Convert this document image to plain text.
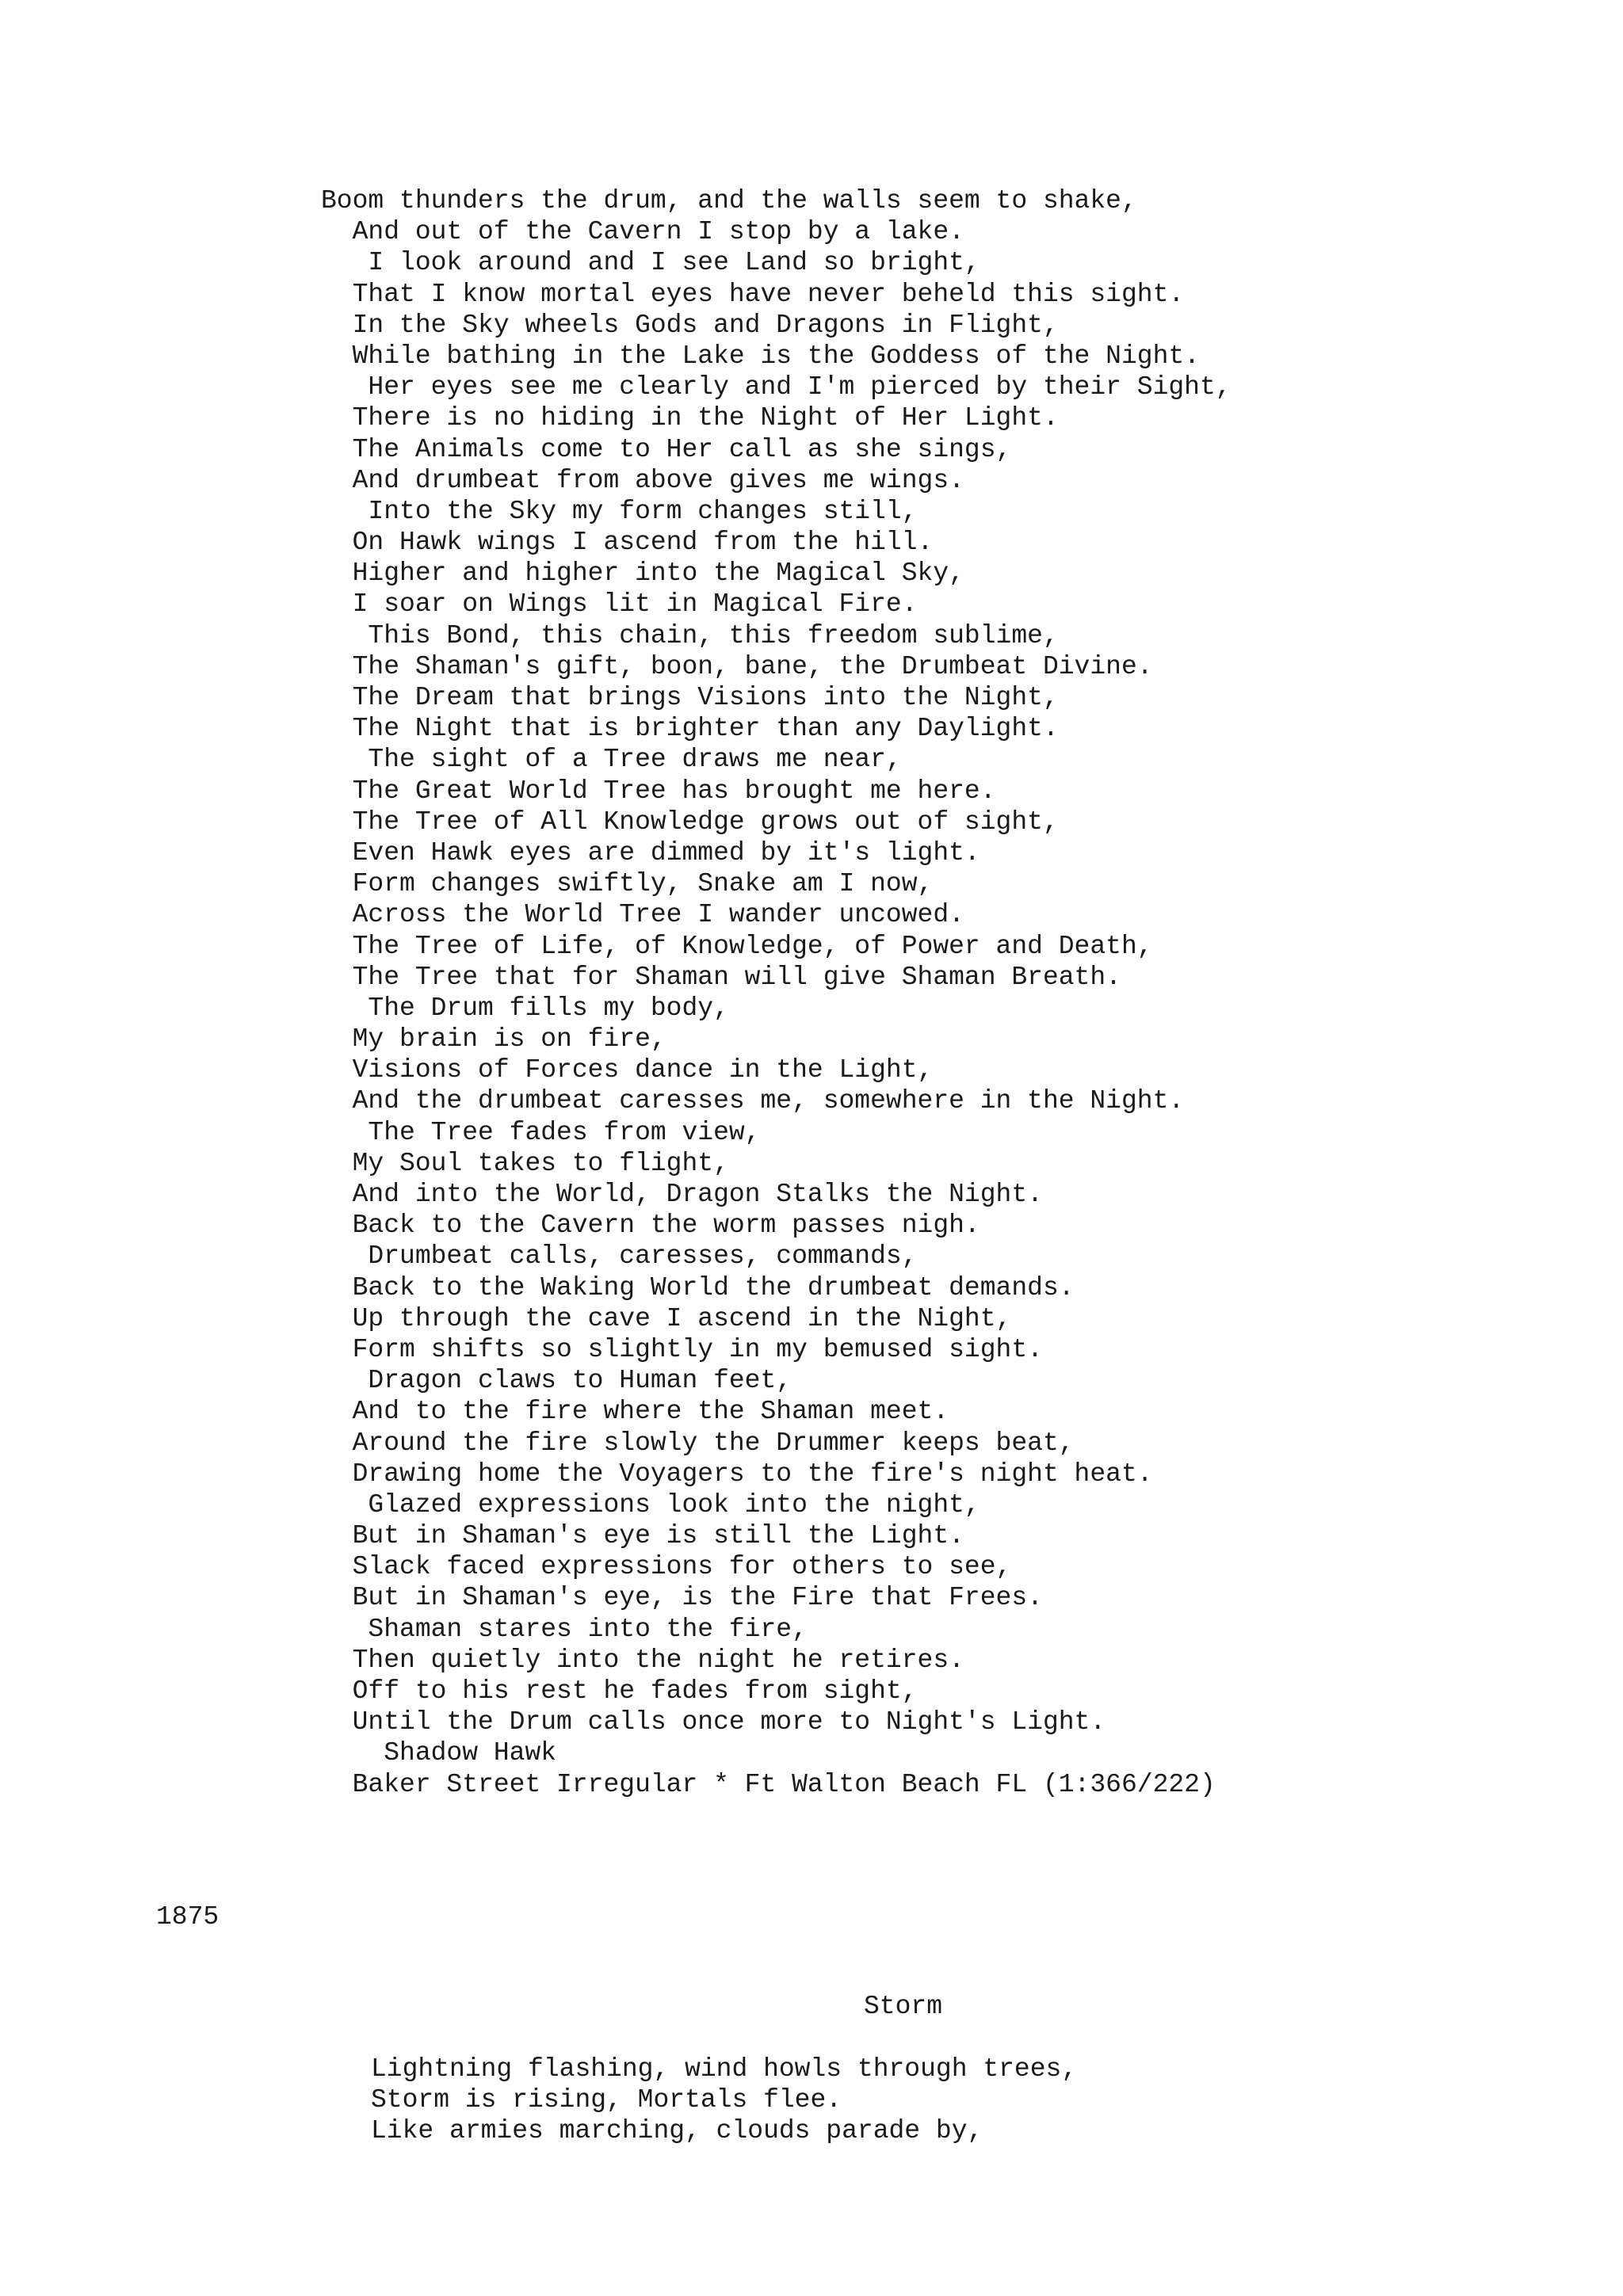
Boom thunders the drum, and the walls seem to shake,
And out of the Cavern I stop by a lake.
I look around and I see Land so bright,
That I know mortal eyes have never beheld this sight.
In the Sky wheels Gods and Dragons in Flight,
While bathing in the Lake is the Goddess of the Night.
Her eyes see me clearly and I'm pierced by their Sight,
There is no hiding in the Night of Her Light.
The Animals come to Her call as she sings,
And drumbeat from above gives me wings.
Into the Sky my form changes still,
On Hawk wings I ascend from the hill.
Higher and higher into the Magical Sky,
I soar on Wings lit in Magical Fire.
This Bond, this chain, this freedom sublime,
The Shaman's gift, boon, bane, the Drumbeat Divine.
The Dream that brings Visions into the Night,
The Night that is brighter than any Daylight.
The sight of a Tree draws me near,
The Great World Tree has brought me here.
The Tree of All Knowledge grows out of sight,
Even Hawk eyes are dimmed by it's light.
Form changes swiftly, Snake am I now,
Across the World Tree I wander uncowed.
The Tree of Life, of Knowledge, of Power and Death,
The Tree that for Shaman will give Shaman Breath.
The Drum fills my body,
My brain is on fire,
Visions of Forces dance in the Light,
And the drumbeat caresses me, somewhere in the Night.
The Tree fades from view,
My Soul takes to flight,
And into the World, Dragon Stalks the Night.
Back to the Cavern the worm passes nigh.
Drumbeat calls, caresses, commands,
Back to the Waking World the drumbeat demands.
Up through the cave I ascend in the Night,
Form shifts so slightly in my bemused sight.
Dragon claws to Human feet,
And to the fire where the Shaman meet.
Around the fire slowly the Drummer keeps beat,
Drawing home the Voyagers to the fire's night heat.
Glazed expressions look into the night,
But in Shaman's eye is still the Light.
Slack faced expressions for others to see,
But in Shaman's eye, is the Fire that Frees.
Shaman stares into the fire,
Then quietly into the night he retires.
Off to his rest he fades from sight,
Until the Drum calls once more to Night's Light.
Shadow Hawk
Baker Street Irregular * Ft Walton Beach FL (1:366/222)
1875
Storm
Lightning flashing, wind howls through trees,
Storm is rising, Mortals flee.
Like armies marching, clouds parade by,
